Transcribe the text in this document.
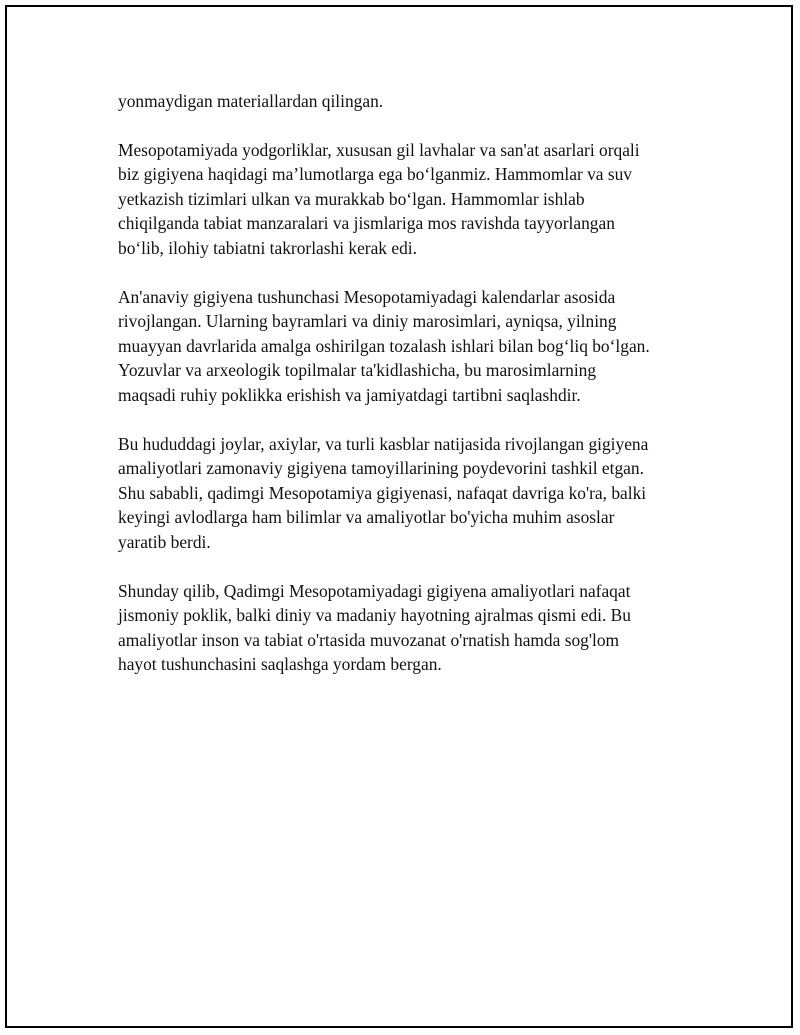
yonmaydigan materiallardan qilingan.

Mesopotamiyada yodgorliklar, xususan gil lavhalar va san'at asarlari orqali
biz gigiyena haqidagi ma’lumotlarga ega bo‘lganmiz. Hammomlar va suv
yetkazish tizimlari ulkan va murakkab bo‘lgan. Hammomlar ishlab
chiqilganda tabiat manzaralari va jismlariga mos ravishda tayyorlangan
bo‘lib, ilohiy tabiatni takrorlashi kerak edi.

An'anaviy gigiyena tushunchasi Mesopotamiyadagi kalendarlar asosida
rivojlangan. Ularning bayramlari va diniy marosimlari, ayniqsa, yilning
muayyan davrlarida amalga oshirilgan tozalash ishlari bilan bog‘liq bo‘lgan.
Yozuvlar va arxeologik topilmalar ta'kidlashicha, bu marosimlarning
maqsadi ruhiy poklikka erishish va jamiyatdagi tartibni saqlashdir.

Bu hududdagi joylar, axiylar, va turli kasblar natijasida rivojlangan gigiyena
amaliyotlari zamonaviy gigiyena tamoyillarining poydevorini tashkil etgan.
Shu sababli, qadimgi Mesopotamiya gigiyenasi, nafaqat davriga ko'ra, balki
keyingi avlodlarga ham bilimlar va amaliyotlar bo'yicha muhim asoslar
yaratib berdi.

Shunday qilib, Qadimgi Mesopotamiyadagi gigiyena amaliyotlari nafaqat
jismoniy poklik, balki diniy va madaniy hayotning ajralmas qismi edi. Bu
amaliyotlar inson va tabiat o'rtasida muvozanat o'rnatish hamda sog'lom
hayot tushunchasini saqlashga yordam bergan.
